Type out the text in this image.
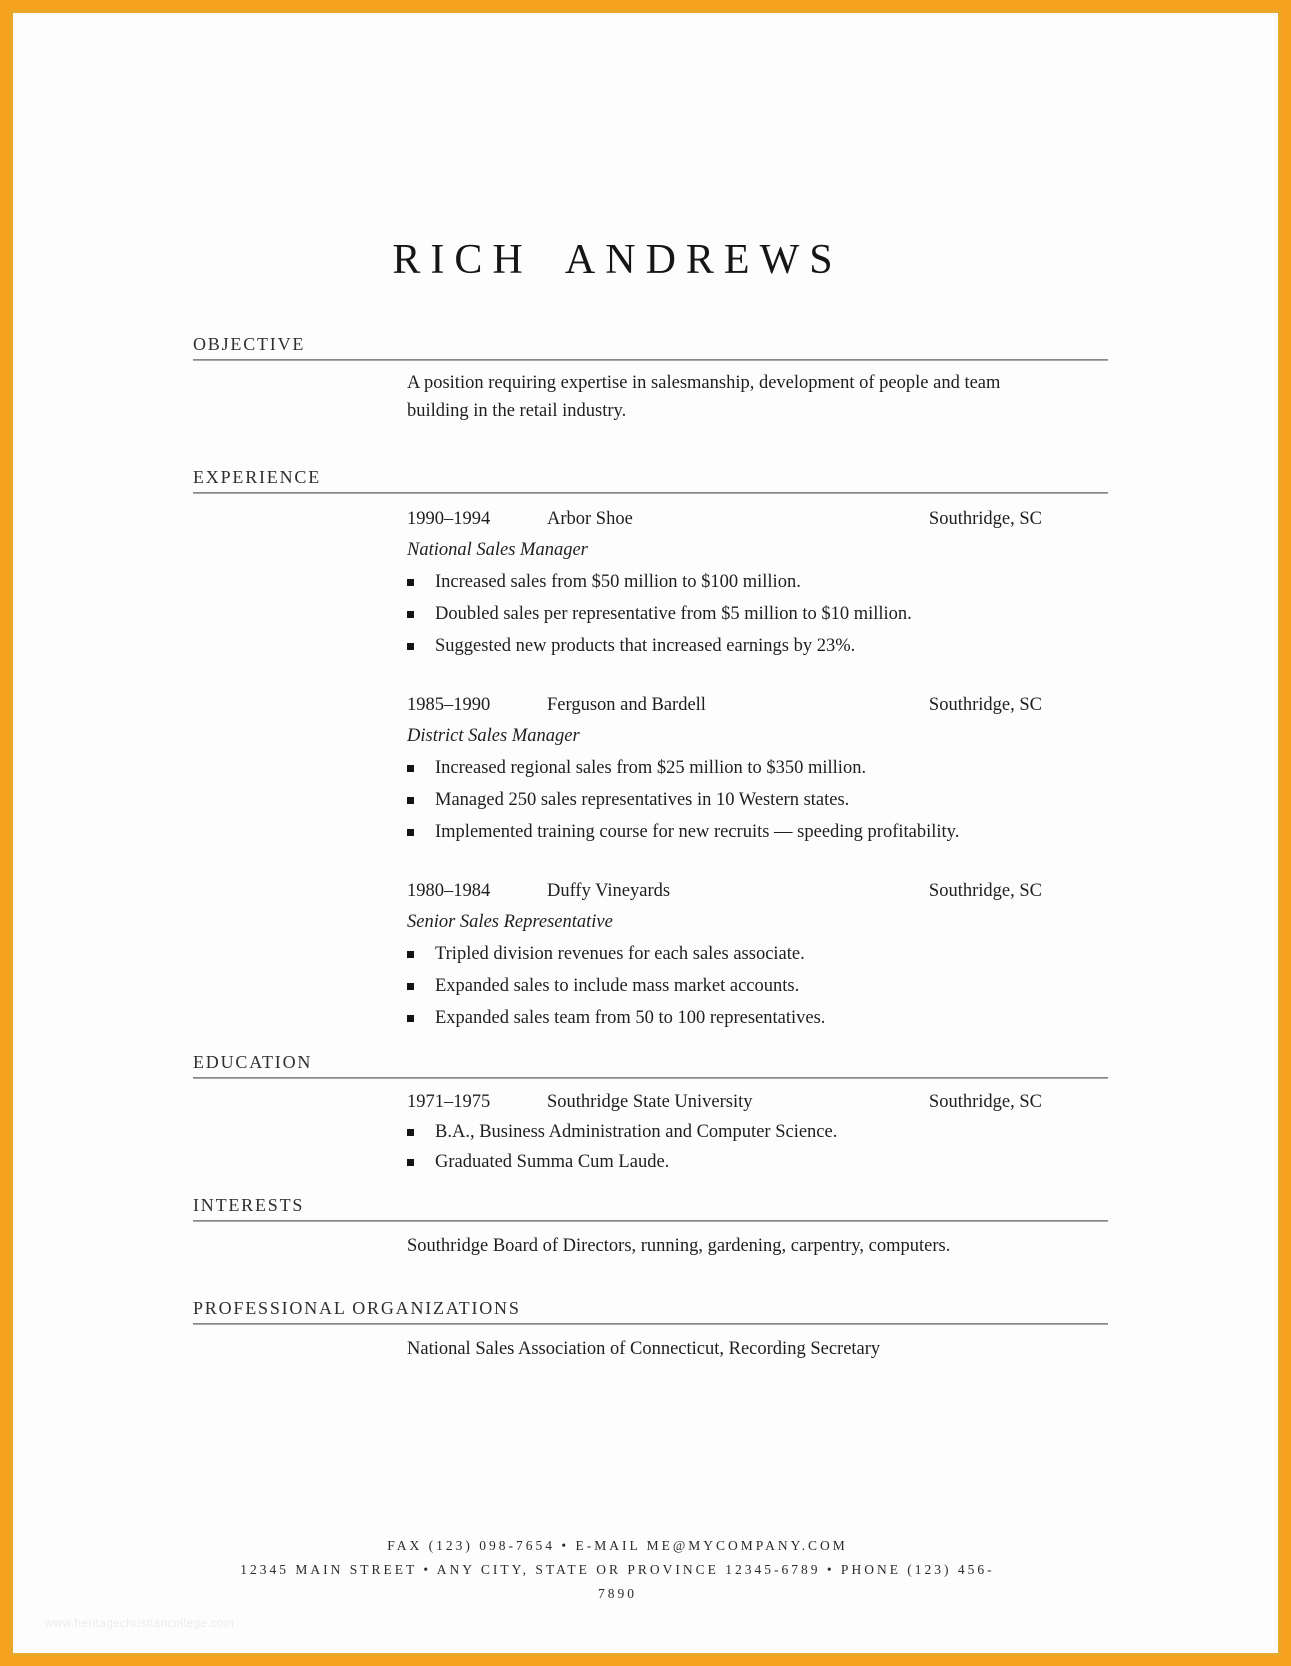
RICH ANDREWS
OBJECTIVE

A position requiring expertise in salesmanship, development of people and team building in the retail industry.

EXPERIENCE
1990–1994	Arbor Shoe	Southridge, SC
National Sales Manager
Increased sales from $50 million to $100 million.
Doubled sales per representative from $5 million to $10 million.
Suggested new products that increased earnings by 23%.
1985–1990	Ferguson and Bardell	Southridge, SC
District Sales Manager
Increased regional sales from $25 million to $350 million.
Managed 250 sales representatives in 10 Western states.
Implemented training course for new recruits — speeding profitability.
1980–1984	Duffy Vineyards	Southridge, SC
Senior Sales Representative
Tripled division revenues for each sales associate.
Expanded sales to include mass market accounts.
Expanded sales team from 50 to 100 representatives.
EDUCATION
1971–1975	Southridge State University	Southridge, SC
B.A., Business Administration and Computer Science.
Graduated Summa Cum Laude.
INTERESTS

Southridge Board of Directors, running, gardening, carpentry, computers.

PROFESSIONAL ORGANIZATIONS

National Sales Association of Connecticut, Recording Secretary

FAX (123) 098-7654 • E-MAIL ME@MYCOMPANY.COM
12345 MAIN STREET • ANY CITY, STATE OR PROVINCE 12345-6789 • PHONE (123) 456-
7890
www.heritagechristiancollege.com
